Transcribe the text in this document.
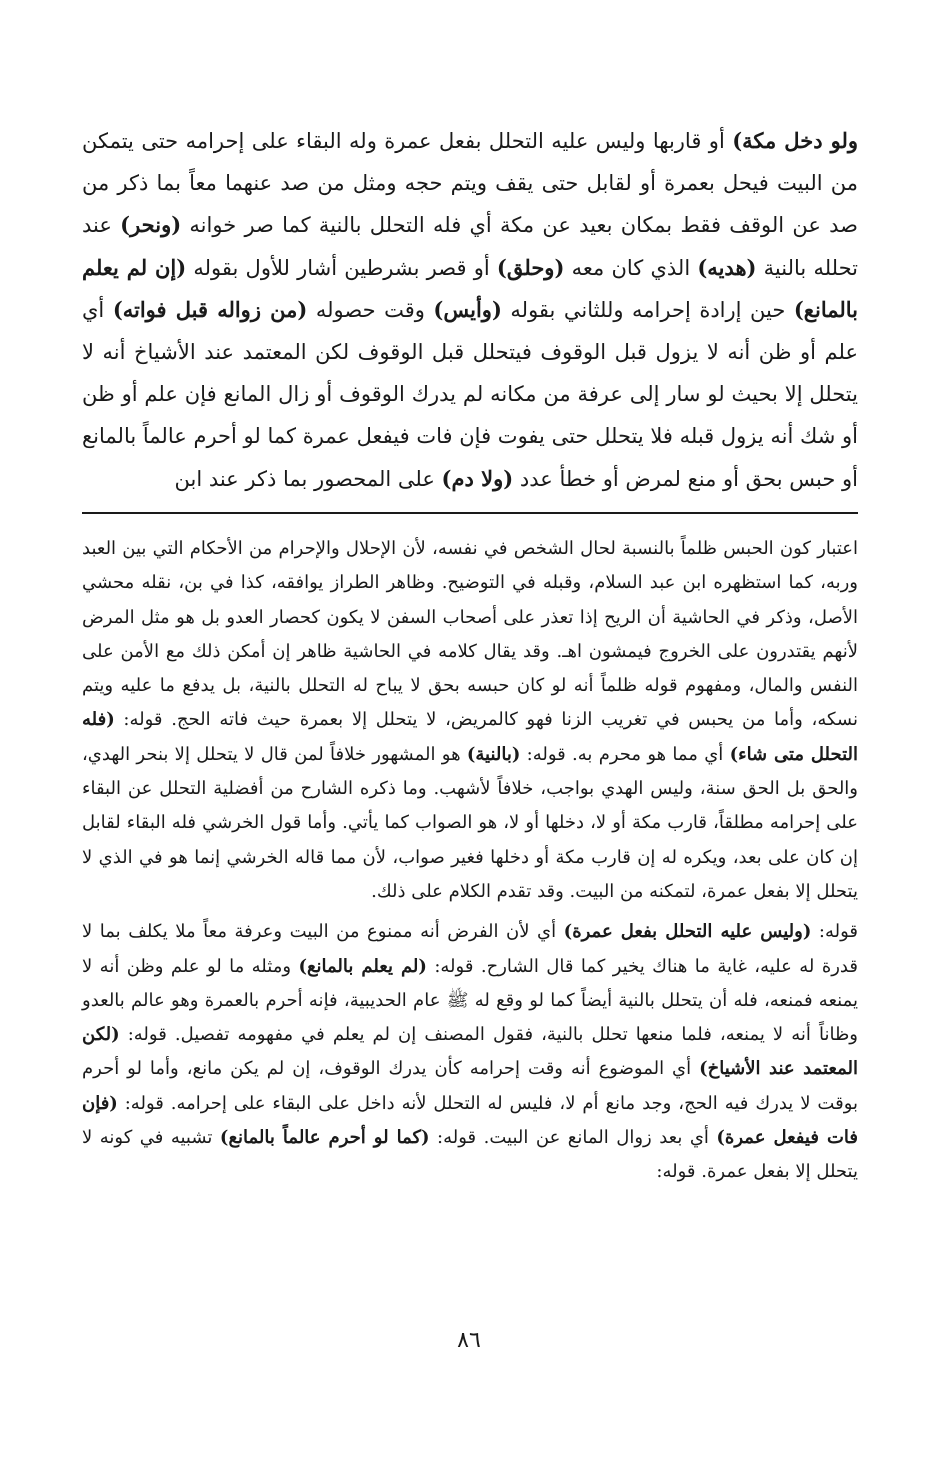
ولو دخل مكة) أو قاربها وليس عليه التحلل بفعل عمرة وله البقاء على إحرامه حتى يتمكن من البيت فيحل بعمرة أو لقابل حتى يقف ويتم حجه ومثل من صد عنهما معاً بما ذكر من صد عن الوقف فقط بمكان بعيد عن مكة أي فله التحلل بالنية كما صر خوانه (ونحر) عند تحلله بالنية (هديه) الذي كان معه (وحلق) أو قصر بشرطين أشار للأول بقوله (إن لم يعلم بالمانع) حين إرادة إحرامه وللثاني بقوله (وأيس) وقت حصوله (من زواله قبل فواته) أي علم أو ظن أنه لا يزول قبل الوقوف فيتحلل قبل الوقوف لكن المعتمد عند الأشياخ أنه لا يتحلل إلا بحيث لو سار إلى عرفة من مكانه لم يدرك الوقوف أو زال المانع فإن علم أو ظن أو شك أنه يزول قبله فلا يتحلل حتى يفوت فإن فات فيفعل عمرة كما لو أحرم عالماً بالمانع أو حبس بحق أو منع لمرض أو خطأ عدد (ولا دم) على المحصور بما ذكر عند ابن

اعتبار كون الحبس ظلماً بالنسبة لحال الشخص في نفسه، لأن الإحلال والإحرام من الأحكام التي بين العبد وربه، كما استظهره ابن عبد السلام، وقبله في التوضيح. وظاهر الطراز يوافقه، كذا في بن، نقله محشي الأصل، وذكر في الحاشية أن الريح إذا تعذر على أصحاب السفن لا يكون كحصار العدو بل هو مثل المرض لأنهم يقتدرون على الخروج فيمشون اهـ. وقد يقال كلامه في الحاشية ظاهر إن أمكن ذلك مع الأمن على النفس والمال، ومفهوم قوله ظلماً أنه لو كان حبسه بحق لا يباح له التحلل بالنية، بل يدفع ما عليه ويتم نسكه، وأما من يحبس في تغريب الزنا فهو كالمريض، لا يتحلل إلا بعمرة حيث فاته الحج. قوله: (فله التحلل متى شاء) أي مما هو محرم به. قوله: (بالنية) هو المشهور خلافاً لمن قال لا يتحلل إلا بنحر الهدي، والحق بل الحق سنة، وليس الهدي بواجب، خلافاً لأشهب. وما ذكره الشارح من أفضلية التحلل عن البقاء على إحرامه مطلقاً، قارب مكة أو لا، دخلها أو لا، هو الصواب كما يأتي. وأما قول الخرشي فله البقاء لقابل إن كان على بعد، ويكره له إن قارب مكة أو دخلها فغير صواب، لأن مما قاله الخرشي إنما هو في الذي لا يتحلل إلا بفعل عمرة، لتمكنه من البيت. وقد تقدم الكلام على ذلك.

قوله: (وليس عليه التحلل بفعل عمرة) أي لأن الفرض أنه ممنوع من البيت وعرفة معاً ملا يكلف بما لا قدرة له عليه، غاية ما هناك يخير كما قال الشارح. قوله: (لم يعلم بالمانع) ومثله ما لو علم وظن أنه لا يمنعه فمنعه، فله أن يتحلل بالنية أيضاً كما لو وقع له ﷺ عام الحديبية، فإنه أحرم بالعمرة وهو عالم بالعدو وظاناً أنه لا يمنعه، فلما منعها تحلل بالنية، فقول المصنف إن لم يعلم في مفهومه تفصيل. قوله: (لكن المعتمد عند الأشياخ) أي الموضوع أنه وقت إحرامه كأن يدرك الوقوف، إن لم يكن مانع، وأما لو أحرم بوقت لا يدرك فيه الحج، وجد مانع أم لا، فليس له التحلل لأنه داخل على البقاء على إحرامه. قوله: (فإن فات فيفعل عمرة) أي بعد زوال المانع عن البيت. قوله: (كما لو أحرم عالماً بالمانع) تشبيه في كونه لا يتحلل إلا بفعل عمرة. قوله:

٨٦
